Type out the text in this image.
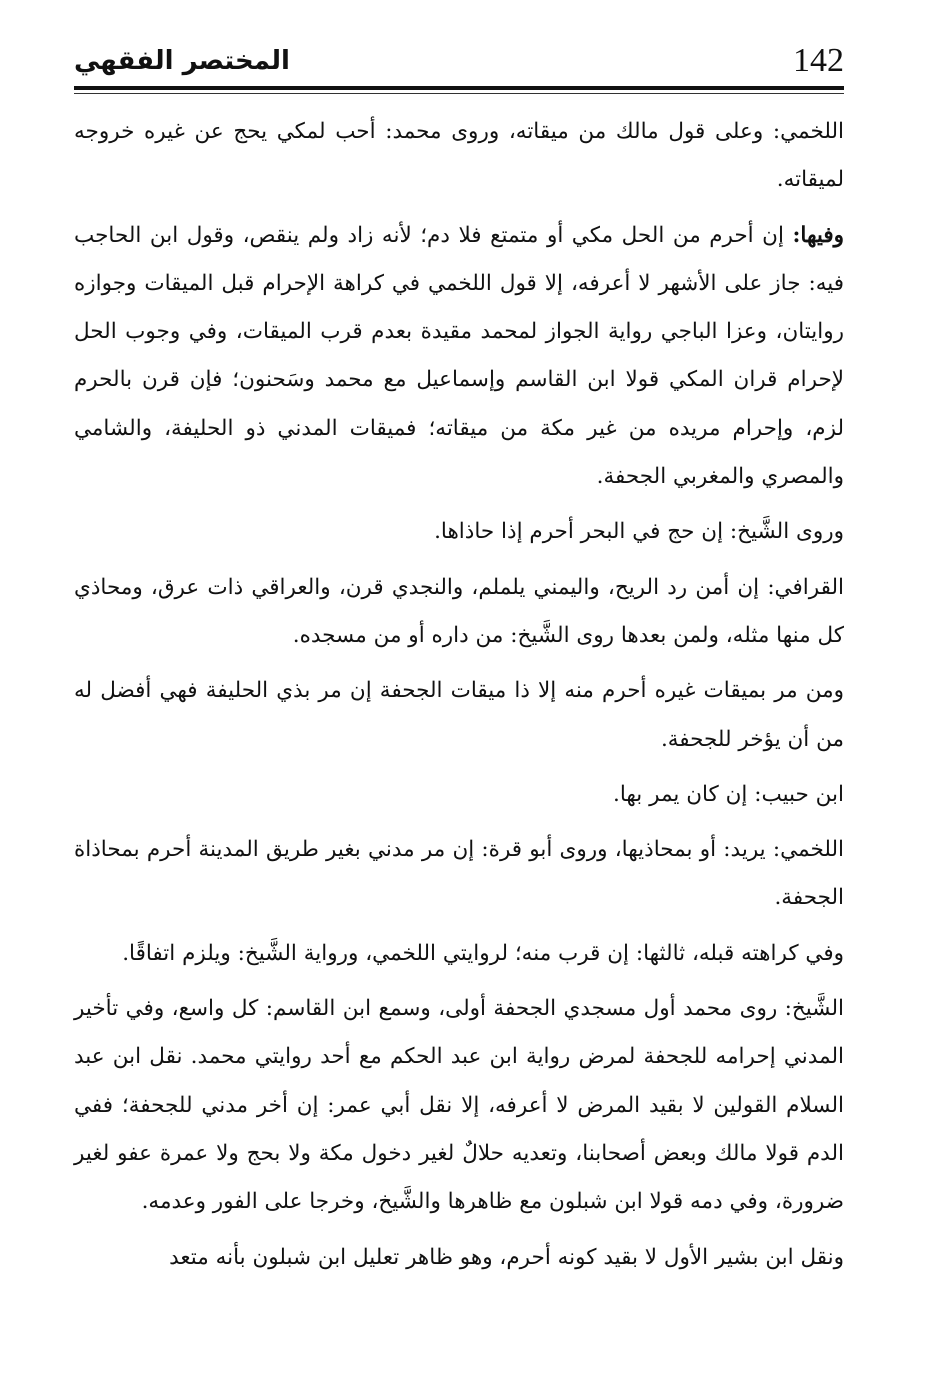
142
المختصر الفقهي

اللخمي: وعلى قول مالك من ميقاته، وروى محمد: أحب لمكي يحج عن غيره خروجه لميقاته.

وفيها: إن أحرم من الحل مكي أو متمتع فلا دم؛ لأنه زاد ولم ينقص، وقول ابن الحاجب فيه: جاز على الأشهر لا أعرفه، إلا قول اللخمي في كراهة الإحرام قبل الميقات وجوازه روايتان، وعزا الباجي رواية الجواز لمحمد مقيدة بعدم قرب الميقات، وفي وجوب الحل لإحرام قران المكي قولا ابن القاسم وإسماعيل مع محمد وسَحنون؛ فإن قرن بالحرم لزم، وإحرام مريده من غير مكة من ميقاته؛ فميقات المدني ذو الحليفة، والشامي والمصري والمغربي الجحفة.

وروى الشَّيخ: إن حج في البحر أحرم إذا حاذاها.

القرافي: إن أمن رد الريح، واليمني يلملم، والنجدي قرن، والعراقي ذات عرق، ومحاذي كل منها مثله، ولمن بعدها روى الشَّيخ: من داره أو من مسجده.

ومن مر بميقات غيره أحرم منه إلا ذا ميقات الجحفة إن مر بذي الحليفة فهي أفضل له من أن يؤخر للجحفة.

ابن حبيب: إن كان يمر بها.

اللخمي: يريد: أو بمحاذيها، وروى أبو قرة: إن مر مدني بغير طريق المدينة أحرم بمحاذاة الجحفة.

وفي كراهته قبله، ثالثها: إن قرب منه؛ لروايتي اللخمي، ورواية الشَّيخ: ويلزم اتفاقًا.

الشَّيخ: روى محمد أول مسجدي الجحفة أولى، وسمع ابن القاسم: كل واسع، وفي تأخير المدني إحرامه للجحفة لمرض رواية ابن عبد الحكم مع أحد روايتي محمد. نقل ابن عبد السلام القولين لا بقيد المرض لا أعرفه، إلا نقل أبي عمر: إن أخر مدني للجحفة؛ ففي الدم قولا مالك وبعض أصحابنا، وتعديه حلالٌ لغير دخول مكة ولا بحج ولا عمرة عفو لغير ضرورة، وفي دمه قولا ابن شبلون مع ظاهرها والشَّيخ، وخرجا على الفور وعدمه.

ونقل ابن بشير الأول لا بقيد كونه أحرم، وهو ظاهر تعليل ابن شبلون بأنه متعد
